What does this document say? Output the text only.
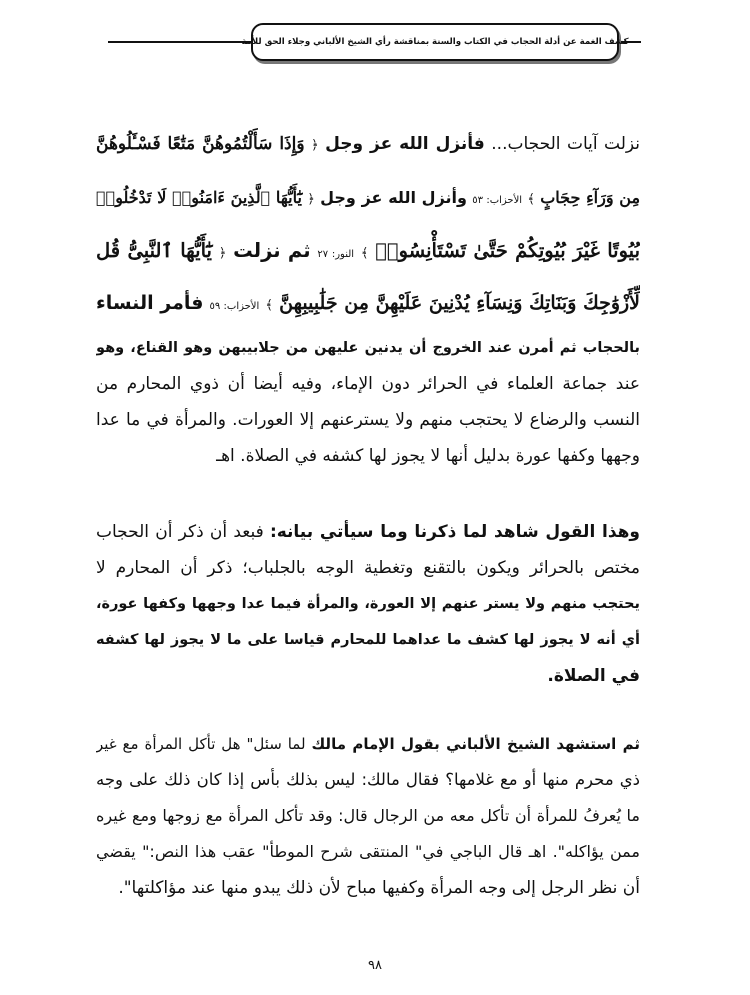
كشف الغمة عن أدلة الحجاب في الكتاب والسنة بمناقشة رأي الشيخ الألباني وجلاء الحق للأمة
نزلت آيات الحجاب... فأنزل الله عز وجل ﴿ وَإِذَا سَأَلْتُمُوهُنَّ مَتَٰعًا فَسْـَٔلُوهُنَّ
مِن وَرَآءِ حِجَابٍ ﴾ الأحزاب: ٥٣ وأنزل الله عز وجل ﴿ يَٰٓأَيُّهَا ٱلَّذِينَ ءَامَنُوا۟ لَا تَدْخُلُوا۟
بُيُوتًا غَيْرَ بُيُوتِكُمْ حَتَّىٰ تَسْتَأْنِسُوا۟ ﴾ النور: ٢٧ ثم نزلت ﴿ يَٰٓأَيُّهَا ٱلنَّبِىُّ قُل
لِّأَزْوَٰجِكَ وَبَنَاتِكَ وَنِسَآءِ يُدْنِينَ عَلَيْهِنَّ مِن جَلَٰبِيبِهِنَّ ﴾ الأحزاب: ٥٩ فأمر النساء
بالحجاب ثم أمرن عند الخروج أن يدنين عليهن من جلابيبهن وهو القناع، وهو
عند جماعة العلماء في الحرائر دون الإماء، وفيه أيضا أن ذوي المحارم من
النسب والرضاع لا يحتجب منهم ولا يسترعنهم إلا العورات. والمرأة في ما عدا
وجهها وكفها عورة بدليل أنها لا يجوز لها كشفه في الصلاة. اهـ
وهذا القول شاهد لما ذكرنا وما سيأتي بيانه: فبعد أن ذكر أن الحجاب
مختص بالحرائر ويكون بالتقنع وتغطية الوجه بالجلباب؛ ذكر أن المحارم لا
يحتجب منهم ولا يستر عنهم إلا العورة، والمرأة فيما عدا وجهها وكفها عورة،
أي أنه لا يجوز لها كشف ما عداهما للمحارم قياسا على ما لا يجوز لها كشفه
في الصلاة.
ثم استشهد الشيخ الألباني بقول الإمام مالك لما سئل" هل تأكل المرأة مع غير
ذي محرم منها أو مع غلامها؟ فقال مالك: ليس بذلك بأس إذا كان ذلك على وجه
ما يُعرفُ للمرأة أن تأكل معه من الرجال قال: وقد تأكل المرأة مع زوجها ومع غيره
ممن يؤاكله". اهـ قال الباجي في" المنتقى شرح الموطأ" عقب هذا النص:" يقضي
أن نظر الرجل إلى وجه المرأة وكفيها مباح لأن ذلك يبدو منها عند مؤاكلتها".
٩٨
